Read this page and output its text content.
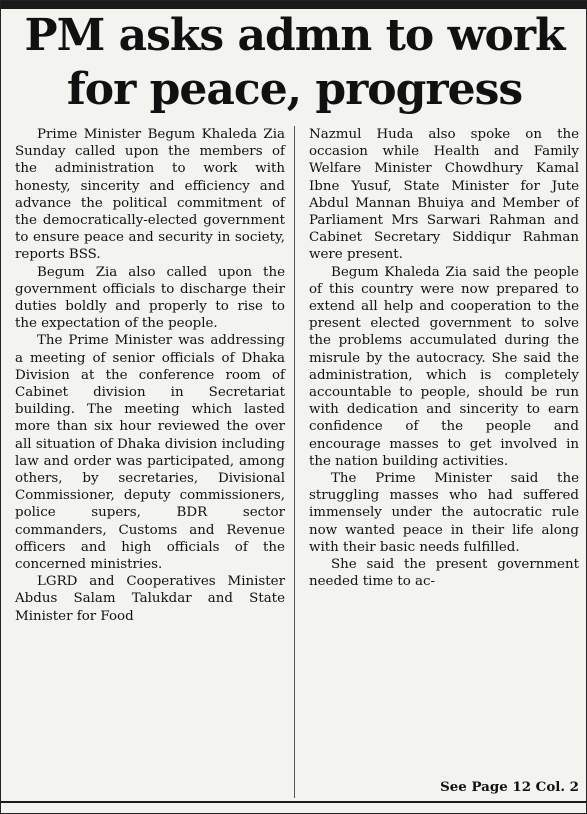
PM asks admn to work
for peace, progress

Prime Minister Begum Khaleda Zia Sunday called upon the members of the administration to work with honesty, sincerity and efficiency and advance the political commitment of the democratically-elected government to ensure peace and security in society, reports BSS.

Begum Zia also called upon the government officials to discharge their duties boldly and properly to rise to the expectation of the people.

The Prime Minister was addressing a meeting of senior officials of Dhaka Division at the conference room of Cabinet division in Secretariat building. The meeting which lasted more than six hour reviewed the over all situation of Dhaka division including law and order was participated, among others, by secretaries, Divisional Commissioner, deputy commissioners, police supers, BDR sector commanders, Customs and Revenue officers and high officials of the concerned ministries.

LGRD and Cooperatives Minister Abdus Salam Talukdar and State Minister for Food

Nazmul Huda also spoke on the occasion while Health and Family Welfare Minister Chowdhury Kamal Ibne Yusuf, State Minister for Jute Abdul Mannan Bhuiya and Member of Parliament Mrs Sarwari Rahman and Cabinet Secretary Siddiqur Rahman were present.

Begum Khaleda Zia said the people of this country were now prepared to extend all help and cooperation to the present elected government to solve the problems accumulated during the misrule by the autocracy. She said the administration, which is completely accountable to people, should be run with dedication and sincerity to earn confidence of the people and encourage masses to get involved in the nation building activities.

The Prime Minister said the struggling masses who had suffered immensely under the autocratic rule now wanted peace in their life along with their basic needs fulfilled.

She said the present government needed time to ac-

See Page 12 Col. 2
